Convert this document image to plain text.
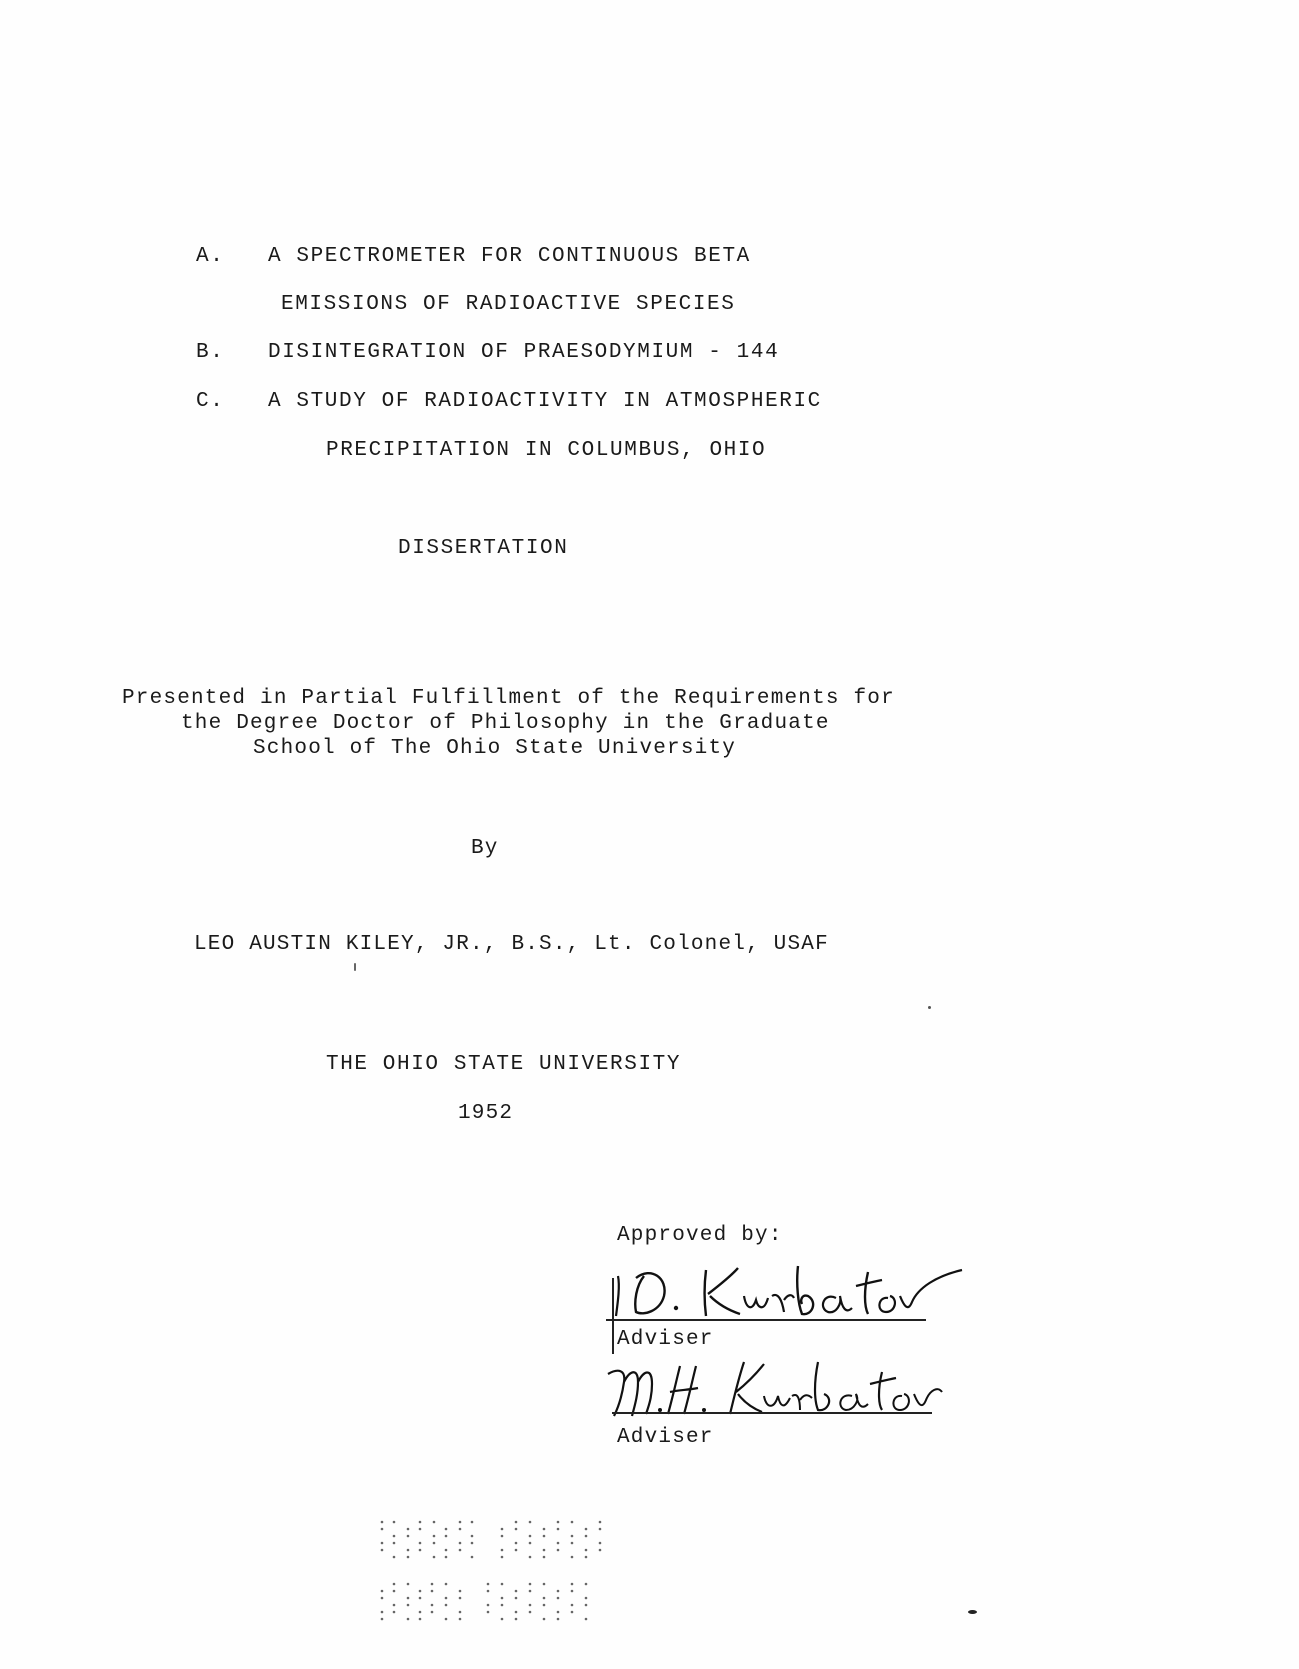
A. A SPECTROMETER FOR CONTINUOUS BETA
EMISSIONS OF RADIOACTIVE SPECIES
B. DISINTEGRATION OF PRAESODYMIUM - 144
C. A STUDY OF RADIOACTIVITY IN ATMOSPHERIC
PRECIPITATION IN COLUMBUS, OHIO
DISSERTATION
Presented in Partial Fulfillment of the Requirements for
the Degree Doctor of Philosophy in the Graduate
School of The Ohio State University
By
LEO AUSTIN KILEY, JR., B.S., Lt. Colonel, USAF
THE OHIO STATE UNIVERSITY
1952
Approved by:
Adviser
Adviser
